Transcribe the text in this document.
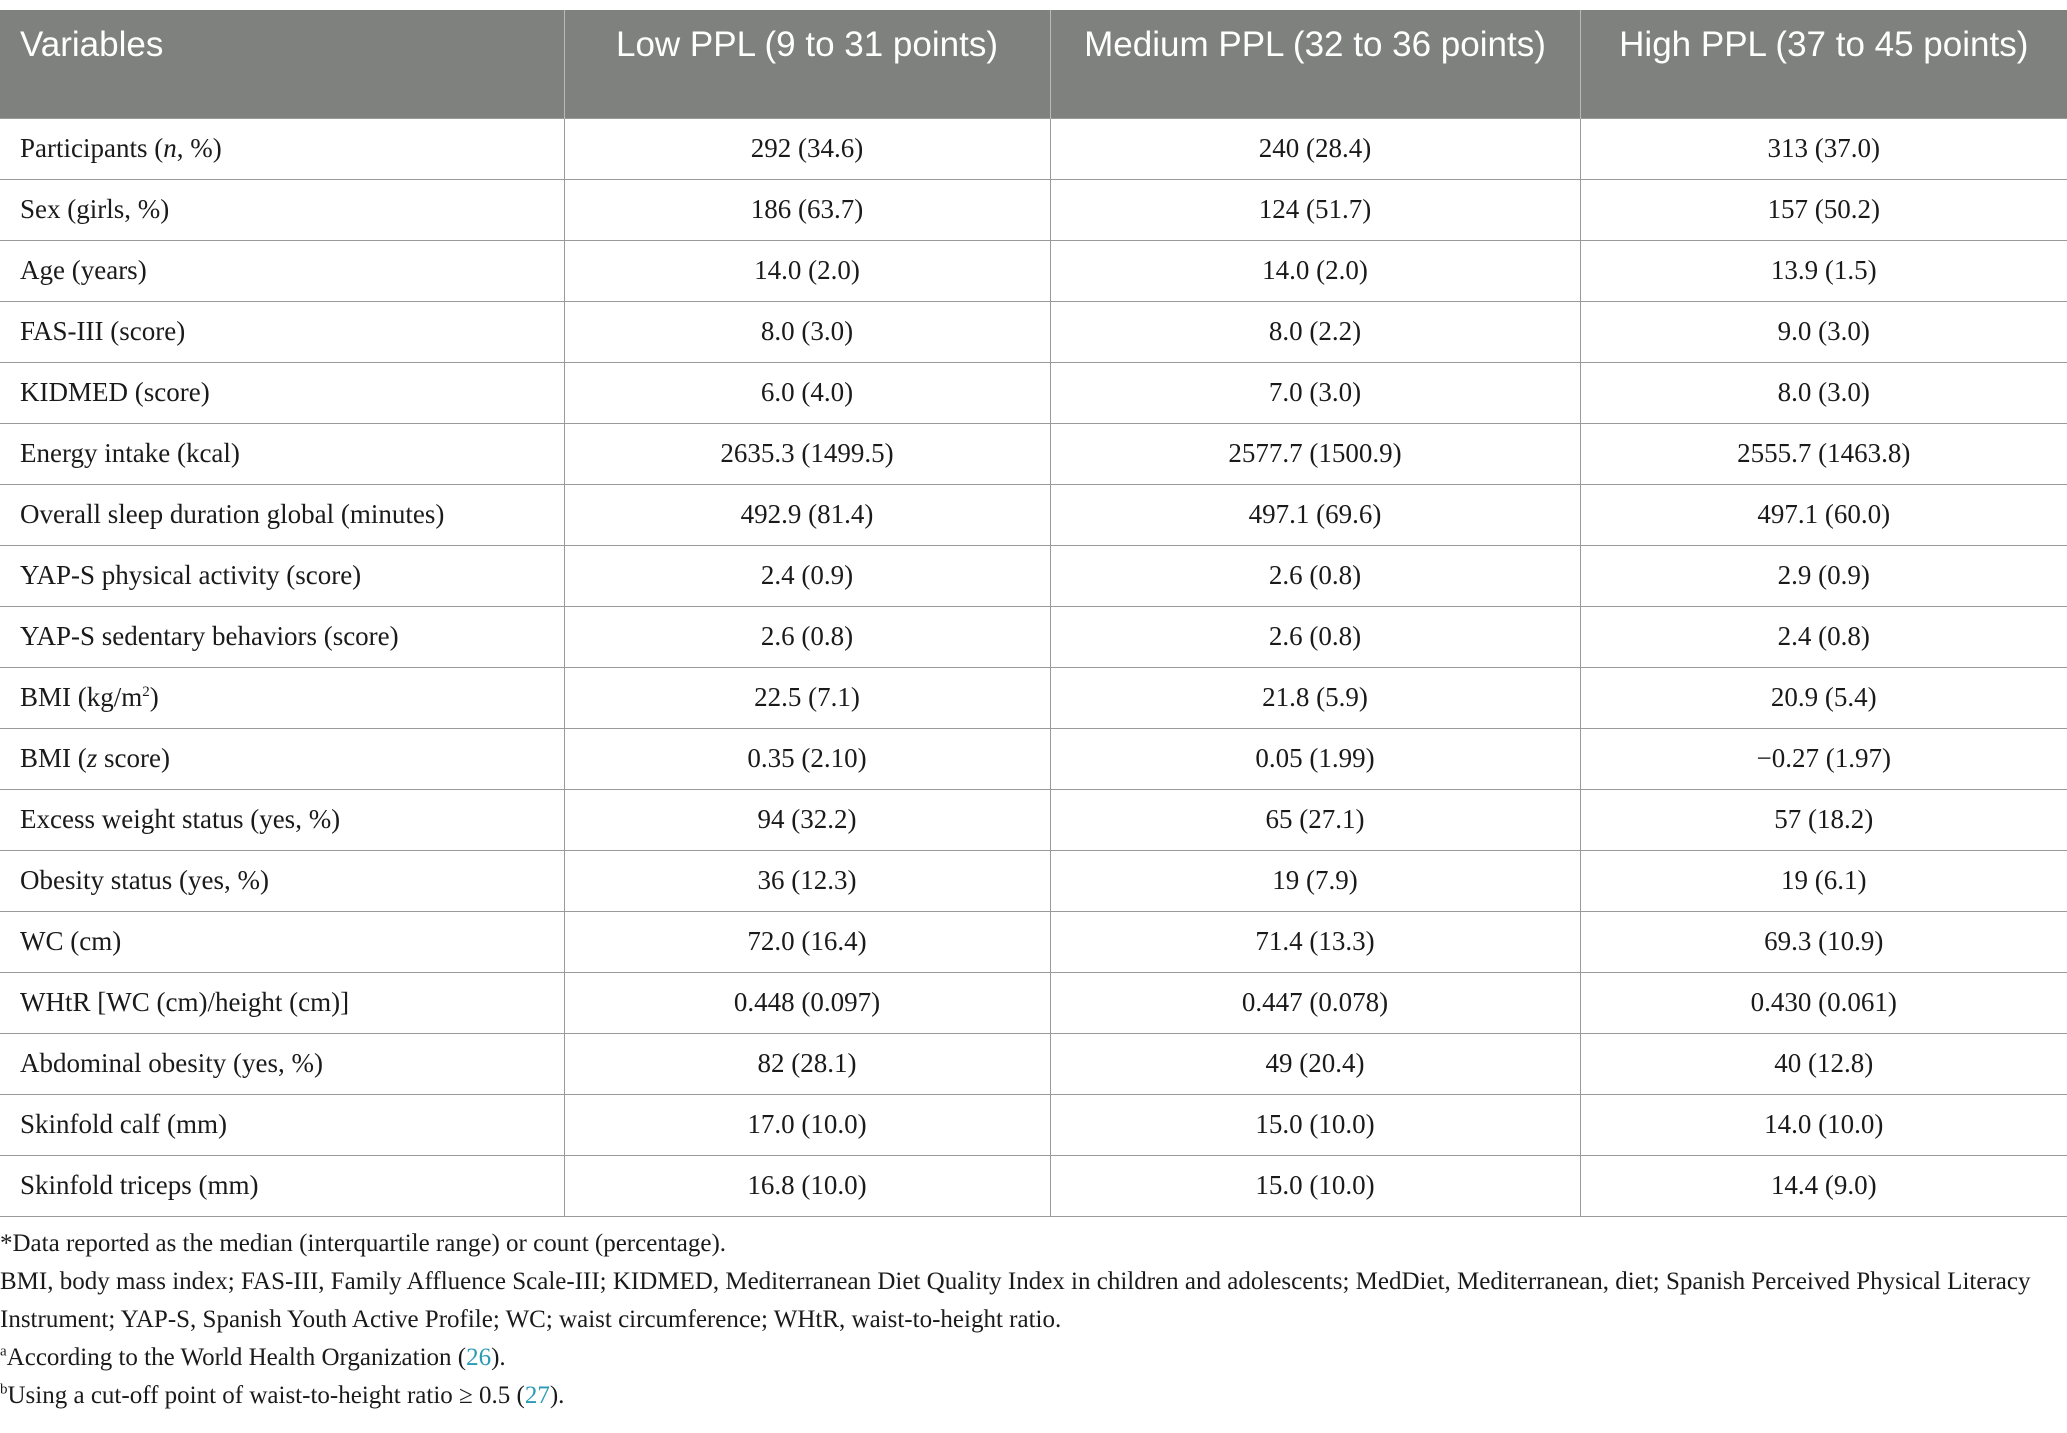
Variables	Low PPL (9 to 31 points)	Medium PPL (32 to 36 points)	High PPL (37 to 45 points)
Participants (n, %)	292 (34.6)	240 (28.4)	313 (37.0)
Sex (girls, %)	186 (63.7)	124 (51.7)	157 (50.2)
Age (years)	14.0 (2.0)	14.0 (2.0)	13.9 (1.5)
FAS-III (score)	8.0 (3.0)	8.0 (2.2)	9.0 (3.0)
KIDMED (score)	6.0 (4.0)	7.0 (3.0)	8.0 (3.0)
Energy intake (kcal)	2635.3 (1499.5)	2577.7 (1500.9)	2555.7 (1463.8)
Overall sleep duration global (minutes)	492.9 (81.4)	497.1 (69.6)	497.1 (60.0)
YAP-S physical activity (score)	2.4 (0.9)	2.6 (0.8)	2.9 (0.9)
YAP-S sedentary behaviors (score)	2.6 (0.8)	2.6 (0.8)	2.4 (0.8)
BMI $(kg/m^2)$	22.5 (7.1)	21.8 (5.9)	20.9 (5.4)
BMI (z score)	0.35 (2.10)	0.05 (1.99)	−0.27 (1.97)
Excess weight status (yes, %)	94 (32.2)	65 (27.1)	57 (18.2)
Obesity status (yes, %)	36 (12.3)	19 (7.9)	19 (6.1)
WC (cm)	72.0 (16.4)	71.4 (13.3)	69.3 (10.9)
WHtR [WC (cm)/height (cm)]	0.448 (0.097)	0.447 (0.078)	0.430 (0.061)
Abdominal obesity (yes, %)	82 (28.1)	49 (20.4)	40 (12.8)
Skinfold calf (mm)	17.0 (10.0)	15.0 (10.0)	14.0 (10.0)
Skinfold triceps (mm)	16.8 (10.0)	15.0 (10.0)	14.4 (9.0)

*Data reported as the median (interquartile range) or count (percentage).

BMI, body mass index; FAS-III, Family Affluence Scale-III; KIDMED, Mediterranean Diet Quality Index in children and adolescents; MedDiet, Mediterranean, diet; Spanish Perceived Physical Literacy Instrument; YAP-S, Spanish Youth Active Profile; WC; waist circumference; WHtR, waist-to-height ratio.

$^a$According to the World Health Organization (26).

$^b$Using a cut-off point of waist-to-height ratio ≥ 0.5 (27).
